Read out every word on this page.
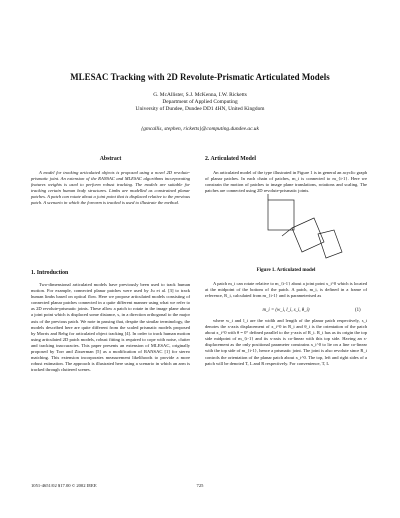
MLESAC Tracking with 2D Revolute-Prismatic Articulated Models
G. McAllister, S.J. McKenna, I.W. Ricketts
Department of Applied Computing
University of Dundee, Dundee DD1 4HN, United Kingdom
{gmcallis, stephen, ricketts}@computing.dundee.ac.uk
Abstract

A model for tracking articulated objects is proposed using a novel 2D revolute-prismatic joint. An extension of the RANSAC and MLESAC algorithms incorporating features weights is used to perform robust tracking. The models are suitable for tracking certain human body structures. Limbs are modelled as constrained planar patches. A patch can rotate about a joint point that is displaced relative to the previous patch. A scenario in which the forearm is tracked is used to illustrate the method.

1. Introduction

Two-dimensional articulated models have previously been used to track human motion. For example, connected planar patches were used by Ju et al. [3] to track human limbs based on optical flow. Here we propose articulated models consisting of connected planar patches connected in a quite different manner using what we refer to as 2D revolute-prismatic joints. These allow a patch to rotate in the image plane about a joint point which is displaced some distance, s, in a direction orthogonal to the major axis of the previous patch. We note in passing that, despite the similar terminology, the models described here are quite different from the scaled prismatic models proposed by Morris and Rehg for articulated object tracking [4]. In order to track human motion using articulated 2D patch models, robust fitting is required to cope with noise, clutter and tracking inaccuracies. This paper presents an extension of MLESAC, originally proposed by Torr and Zisserman [5] as a modification of RANSAC [1] for stereo matching. This extension incorporates measurement likelihoods to provide a more robust estimation. The approach is illustrated here using a scenario in which an arm is tracked through cluttered scenes.

2. Articulated Model

An articulated model of the type illustrated in Figure 1 is in general an acyclic graph of planar patches. In each chain of patches, m_i is connected to m_{i-1}. Here we constrain the motion of patches to image plane translations, rotations and scaling. The patches are connected using 2D revolute-prismatic joints.

Figure 1. Articulated model

A patch m_i can rotate relative to m_{i-1} about a joint point x_i^0 which is located at the midpoint of the bottom of the patch. A patch, m_i, is defined in a frame of reference, R_i, calculated from m_{i-1} and is parameterised as

m_i = (w_i, l_i, s_i, θ_i)	(1)

where w_i and l_i are the width and length of the planar patch respectively, s_i denotes the x-axis displacement of x_i^0 in R_i and θ_i is the orientation of the patch about x_i^0 with θ = 0° defined parallel to the y-axis of R_i. R_i has as its origin the top side midpoint of m_{i-1} and its x-axis is co-linear with this top side. Having an s-displacement as the only positional parameter constrains x_i^0 to lie on a line co-linear with the top side of m_{i-1}, hence a prismatic joint. The joint is also revolute since R_i controls the orientation of the planar patch about x_i^0. The top, left and right sides of a patch will be denoted T, L and R respectively. For convenience, T, L

1051-4651/02 $17.00 © 2002 IEEE	725
